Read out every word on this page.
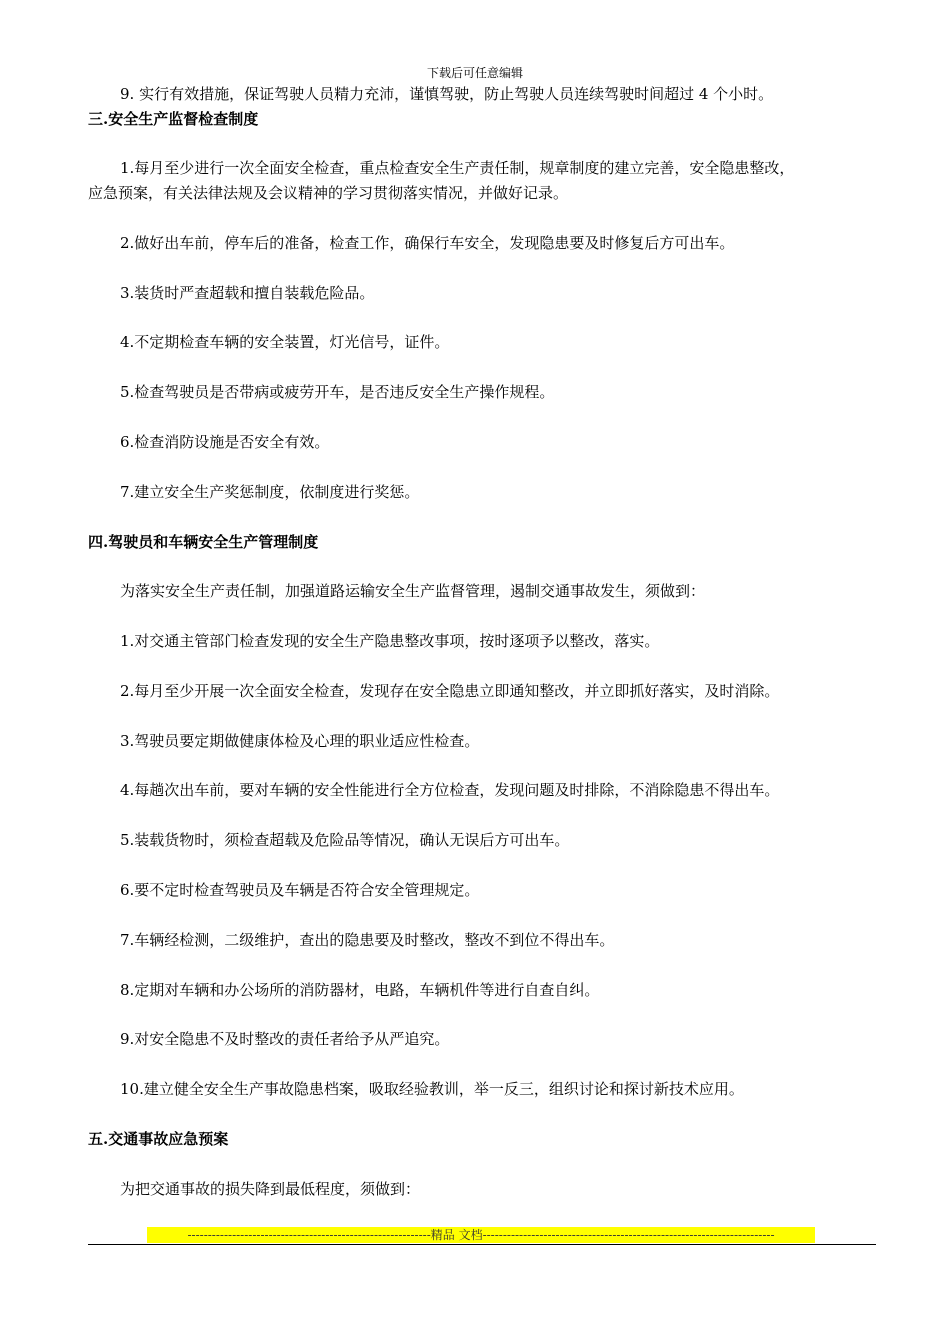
下载后可任意编辑
9. 实行有效措施，保证驾驶人员精力充沛，谨慎驾驶，防止驾驶人员连续驾驶时间超过 4 个小时。
三.安全生产监督检查制度
1.每月至少进行一次全面安全检查，重点检查安全生产责任制，规章制度的建立完善，安全隐患整改，
应急预案，有关法律法规及会议精神的学习贯彻落实情况，并做好记录。
2.做好出车前，停车后的准备，检查工作，确保行车安全，发现隐患要及时修复后方可出车。
3.装货时严查超载和擅自装载危险品。
4.不定期检查车辆的安全装置，灯光信号，证件。
5.检查驾驶员是否带病或疲劳开车，是否违反安全生产操作规程。
6.检查消防设施是否安全有效。
7.建立安全生产奖惩制度，依制度进行奖惩。
四.驾驶员和车辆安全生产管理制度
为落实安全生产责任制，加强道路运输安全生产监督管理，遏制交通事故发生，须做到：
1.对交通主管部门检查发现的安全生产隐患整改事项，按时逐项予以整改，落实。
2.每月至少开展一次全面安全检查，发现存在安全隐患立即通知整改，并立即抓好落实，及时消除。
3.驾驶员要定期做健康体检及心理的职业适应性检查。
4.每趟次出车前，要对车辆的安全性能进行全方位检查，发现问题及时排除，不消除隐患不得出车。
5.装载货物时，须检查超载及危险品等情况，确认无误后方可出车。
6.要不定时检查驾驶员及车辆是否符合安全管理规定。
7.车辆经检测，二级维护，查出的隐患要及时整改，整改不到位不得出车。
8.定期对车辆和办公场所的消防器材，电路，车辆机件等进行自查自纠。
9.对安全隐患不及时整改的责任者给予从严追究。
10.建立健全安全生产事故隐患档案，吸取经验教训，举一反三，组织讨论和探讨新技术应用。
五.交通事故应急预案
为把交通事故的损失降到最低程度，须做到：
------------------------------------------------------------精品 文档------------------------------------------------------------------------
